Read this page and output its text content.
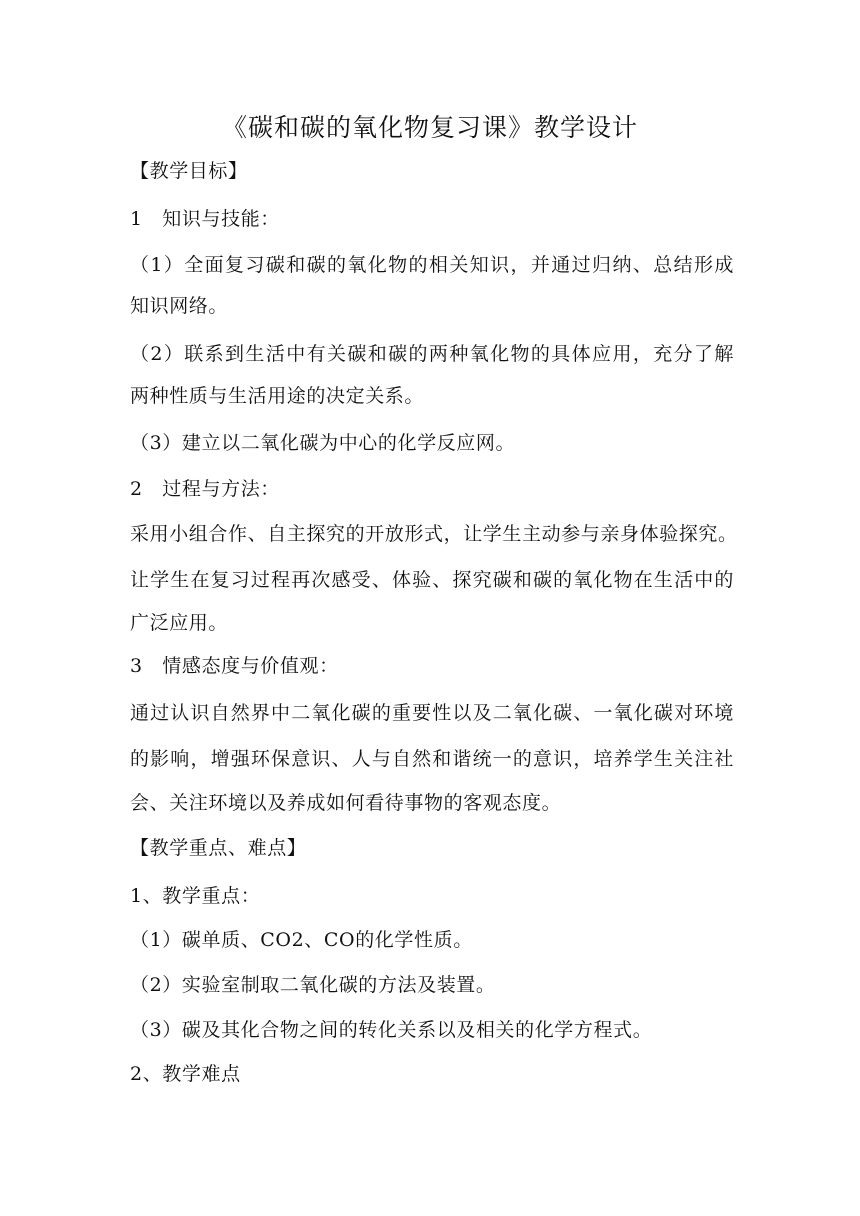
《碳和碳的氧化物复习课》教学设计
【教学目标】
1　知识与技能：
（1）全面复习碳和碳的氧化物的相关知识，并通过归纳、总结形成
知识网络。
（2）联系到生活中有关碳和碳的两种氧化物的具体应用，充分了解
两种性质与生活用途的决定关系。
（3）建立以二氧化碳为中心的化学反应网。
2　过程与方法：
采用小组合作、自主探究的开放形式，让学生主动参与亲身体验探究。
让学生在复习过程再次感受、体验、探究碳和碳的氧化物在生活中的
广泛应用。
3　情感态度与价值观：
通过认识自然界中二氧化碳的重要性以及二氧化碳、一氧化碳对环境
的影响，增强环保意识、人与自然和谐统一的意识，培养学生关注社
会、关注环境以及养成如何看待事物的客观态度。
【教学重点、难点】
1、教学重点：
（1）碳单质、CO2、CO的化学性质。
（2）实验室制取二氧化碳的方法及装置。
（3）碳及其化合物之间的转化关系以及相关的化学方程式。
2、教学难点
